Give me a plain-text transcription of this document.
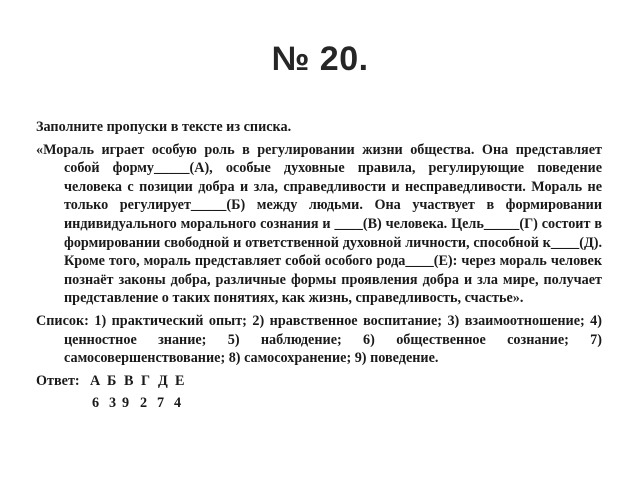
№ 20.

Заполните пропуски в тексте из списка.

«Мораль играет особую роль в регулировании жизни общества. Она представляет собой форму_____(А), особые духовные правила, регулирующие поведение человека с позиции добра и зла, справедливости и несправедливости. Мораль не только регулирует_____(Б) между людьми. Она участвует в формировании индивидуального морального сознания и ____(В) человека. Цель_____(Г) состоит в формировании свободной и ответственной духовной личности, способной к____(Д). Кроме того, мораль представляет собой особого рода____(Е): через мораль человек познаёт законы добра, различные формы проявления добра и зла мире, получает представление о таких понятиях, как жизнь, справедливость, счастье».

Список: 1) практический опыт; 2) нравственное воспитание; 3) взаимоотношение; 4) ценностное знание; 5) наблюдение; 6) общественное сознание; 7) самосовершенствование; 8) самосохранение; 9) поведение.

Ответ: А Б В Г Д Е
6 3 9 2 7 4
